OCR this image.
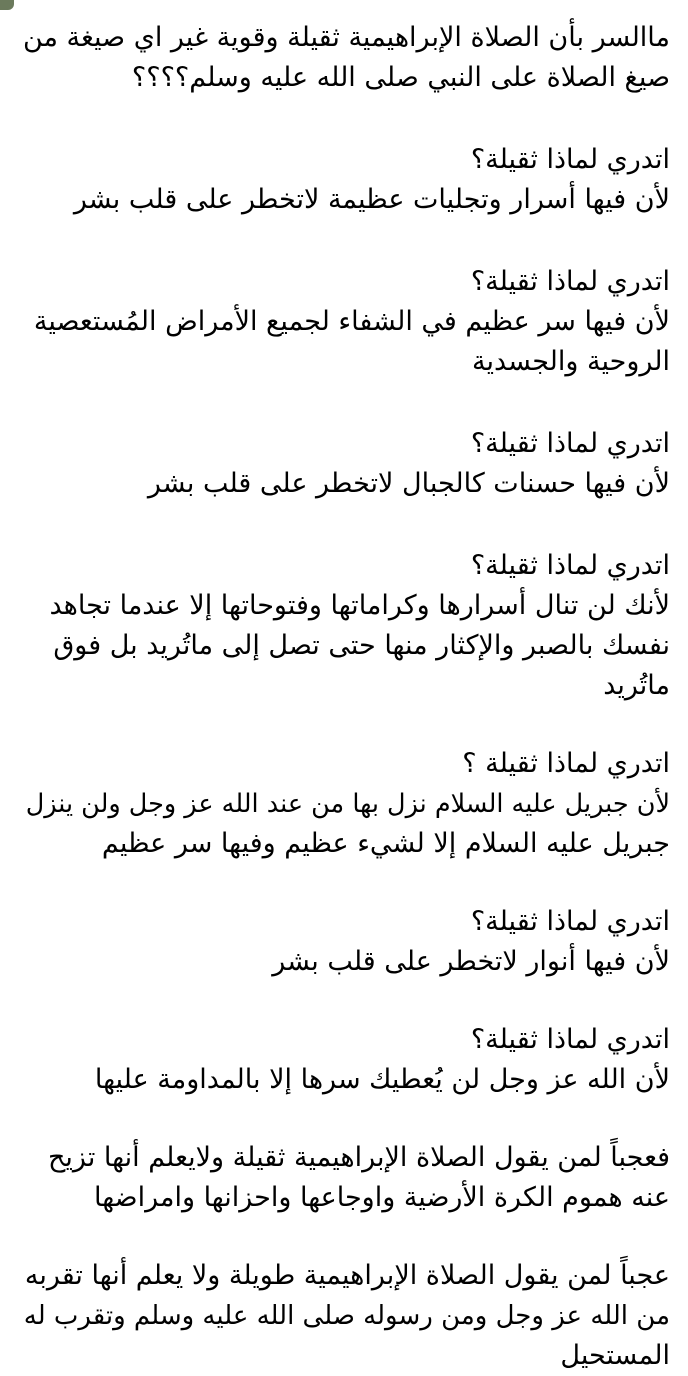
ماالسر بأن الصلاة الإبراهيمية ثقيلة وقوية غير اي صيغة من
صيغ الصلاة على النبي صلى الله عليه وسلم؟؟؟؟
اتدري لماذا ثقيلة؟
لأن فيها أسرار وتجليات عظيمة لاتخطر على قلب بشر
اتدري لماذا ثقيلة؟
لأن فيها سر عظيم في الشفاء لجميع الأمراض المُستعصية
الروحية والجسدية
اتدري لماذا ثقيلة؟
لأن فيها حسنات كالجبال لاتخطر على قلب بشر
اتدري لماذا ثقيلة؟
لأنك لن تنال أسرارها وكراماتها وفتوحاتها إلا عندما تجاهد
نفسك بالصبر والإكثار منها حتى تصل إلى ماتُريد بل فوق
ماتُريد
اتدري لماذا ثقيلة ؟
لأن جبريل عليه السلام نزل بها من عند الله عز وجل ولن ينزل
جبريل عليه السلام إلا لشيء عظيم وفيها سر عظيم
اتدري لماذا ثقيلة؟
لأن فيها أنوار لاتخطر على قلب بشر
اتدري لماذا ثقيلة؟
لأن الله عز وجل لن يُعطيك سرها إلا بالمداومة عليها
فعجباً لمن يقول الصلاة الإبراهيمية ثقيلة ولايعلم أنها تزيح
عنه هموم الكرة الأرضية واوجاعها واحزانها وامراضها
عجباً لمن يقول الصلاة الإبراهيمية طويلة ولا يعلم أنها تقربه
من الله عز وجل ومن رسوله صلى الله عليه وسلم وتقرب له
المستحيل
